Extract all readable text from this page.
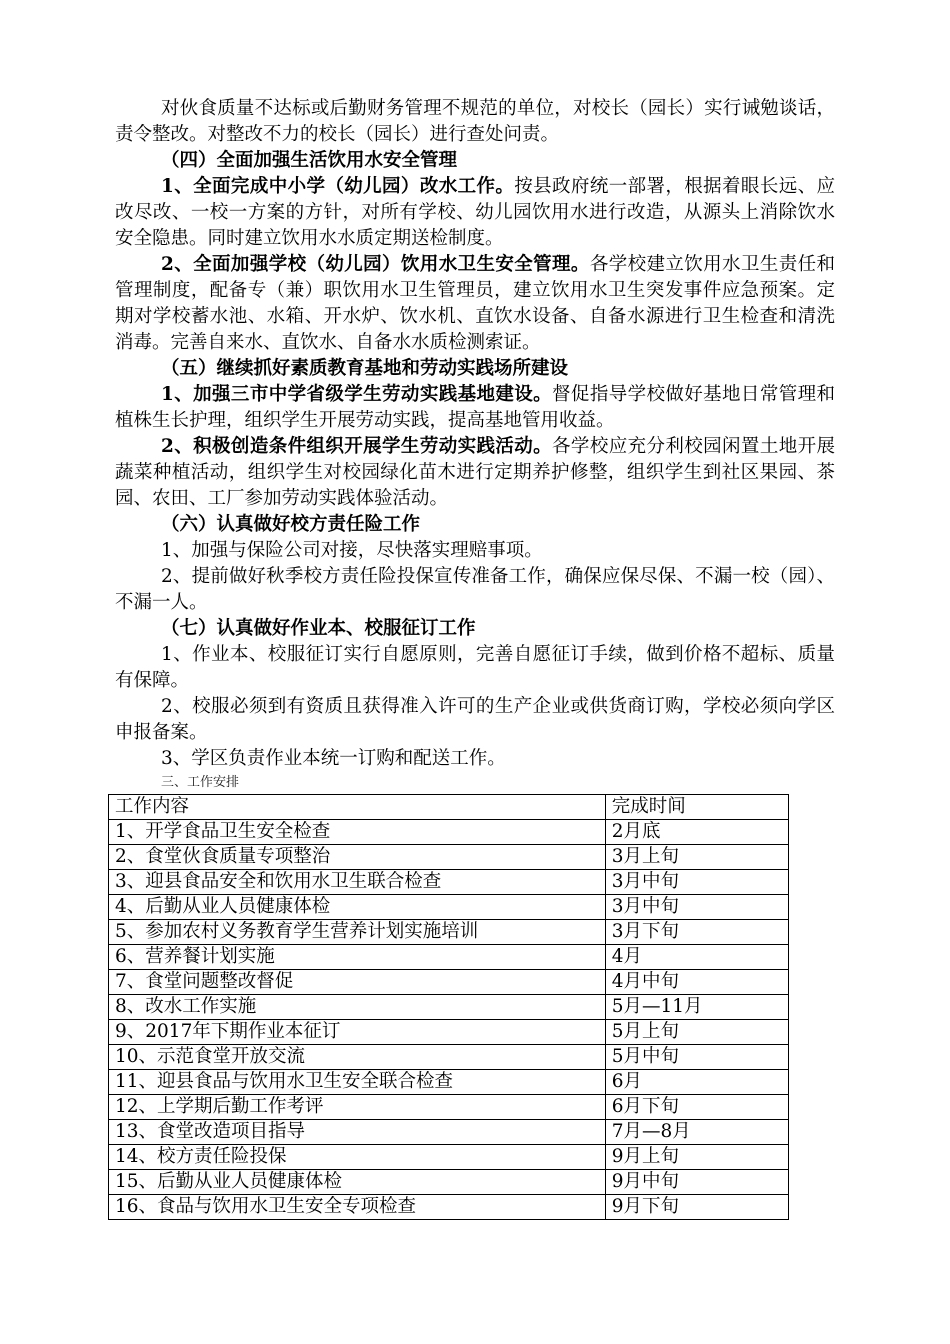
对伙食质量不达标或后勤财务管理不规范的单位，对校长（园长）实行诫勉谈话，责令整改。对整改不力的校长（园长）进行查处问责。

（四）全面加强生活饮用水安全管理

1、全面完成中小学（幼儿园）改水工作。按县政府统一部署，根据着眼长远、应改尽改、一校一方案的方针，对所有学校、幼儿园饮用水进行改造，从源头上消除饮水安全隐患。同时建立饮用水水质定期送检制度。

2、全面加强学校（幼儿园）饮用水卫生安全管理。各学校建立饮用水卫生责任和管理制度，配备专（兼）职饮用水卫生管理员，建立饮用水卫生突发事件应急预案。定期对学校蓄水池、水箱、开水炉、饮水机、直饮水设备、自备水源进行卫生检查和清洗消毒。完善自来水、直饮水、自备水水质检测索证。

（五）继续抓好素质教育基地和劳动实践场所建设

1、加强三市中学省级学生劳动实践基地建设。督促指导学校做好基地日常管理和植株生长护理，组织学生开展劳动实践，提高基地管用收益。

2、积极创造条件组织开展学生劳动实践活动。各学校应充分利校园闲置土地开展蔬菜种植活动，组织学生对校园绿化苗木进行定期养护修整，组织学生到社区果园、茶园、农田、工厂参加劳动实践体验活动。

（六）认真做好校方责任险工作

1、加强与保险公司对接，尽快落实理赔事项。

2、提前做好秋季校方责任险投保宣传准备工作，确保应保尽保、不漏一校（园）、不漏一人。

（七）认真做好作业本、校服征订工作

1、作业本、校服征订实行自愿原则，完善自愿征订手续，做到价格不超标、质量有保障。

2、校服必须到有资质且获得准入许可的生产企业或供货商订购，学校必须向学区申报备案。

3、学区负责作业本统一订购和配送工作。

三、工作安排

工作内容	完成时间
1、开学食品卫生安全检查	2月底
2、食堂伙食质量专项整治	3月上旬
3、迎县食品安全和饮用水卫生联合检查	3月中旬
4、后勤从业人员健康体检	3月中旬
5、参加农村义务教育学生营养计划实施培训	3月下旬
6、营养餐计划实施	4月
7、食堂问题整改督促	4月中旬
8、改水工作实施	5月—11月
9、2017年下期作业本征订	5月上旬
10、示范食堂开放交流	5月中旬
11、迎县食品与饮用水卫生安全联合检查	6月
12、上学期后勤工作考评	6月下旬
13、食堂改造项目指导	7月—8月
14、校方责任险投保	9月上旬
15、后勤从业人员健康体检	9月中旬
16、食品与饮用水卫生安全专项检查	9月下旬
